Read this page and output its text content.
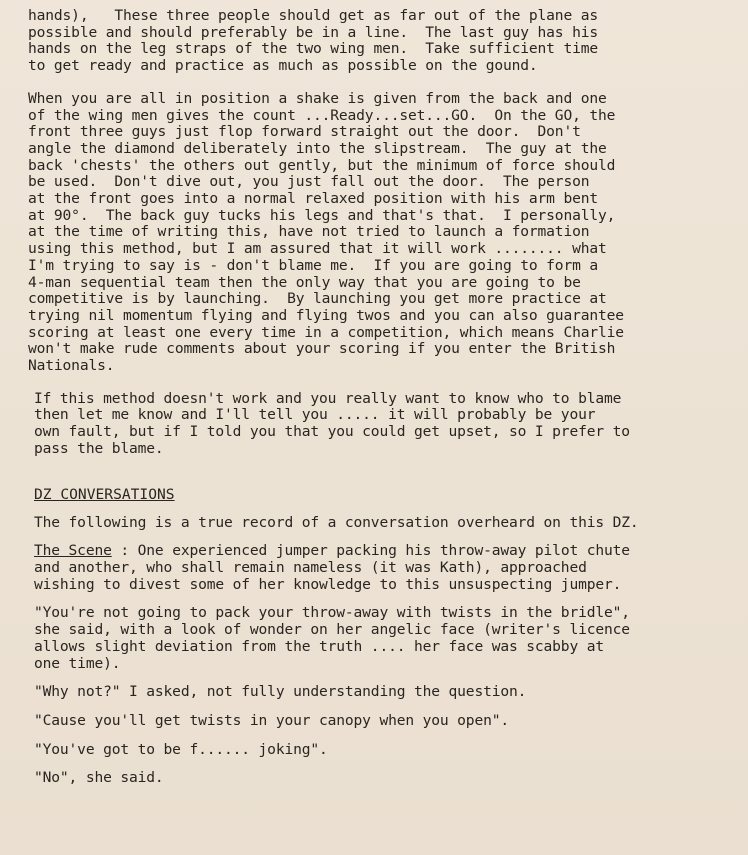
hands),   These three people should get as far out of the plane as
possible and should preferably be in a line.  The last guy has his
hands on the leg straps of the two wing men.  Take sufficient time
to get ready and practice as much as possible on the gound.
When you are all in position a shake is given from the back and one
of the wing men gives the count ...Ready...set...GO.  On the GO, the
front three guys just flop forward straight out the door.  Don't
angle the diamond deliberately into the slipstream.  The guy at the
back 'chests' the others out gently, but the minimum of force should
be used.  Don't dive out, you just fall out the door.  The person
at the front goes into a normal relaxed position with his arm bent
at 90°.  The back guy tucks his legs and that's that.  I personally,
at the time of writing this, have not tried to launch a formation
using this method, but I am assured that it will work ........ what
I'm trying to say is - don't blame me.  If you are going to form a
4-man sequential team then the only way that you are going to be
competitive is by launching.  By launching you get more practice at
trying nil momentum flying and flying twos and you can also guarantee
scoring at least one every time in a competition, which means Charlie
won't make rude comments about your scoring if you enter the British
Nationals.
If this method doesn't work and you really want to know who to blame
then let me know and I'll tell you ..... it will probably be your
own fault, but if I told you that you could get upset, so I prefer to
pass the blame.
DZ CONVERSATIONS
The following is a true record of a conversation overheard on this DZ.
The Scene : One experienced jumper packing his throw-away pilot chute
and another, who shall remain nameless (it was Kath), approached
wishing to divest some of her knowledge to this unsuspecting jumper.
"You're not going to pack your throw-away with twists in the bridle",
she said, with a look of wonder on her angelic face (writer's licence
allows slight deviation from the truth .... her face was scabby at
one time).
"Why not?" I asked, not fully understanding the question.
"Cause you'll get twists in your canopy when you open".
"You've got to be f...... joking".
"No", she said.
